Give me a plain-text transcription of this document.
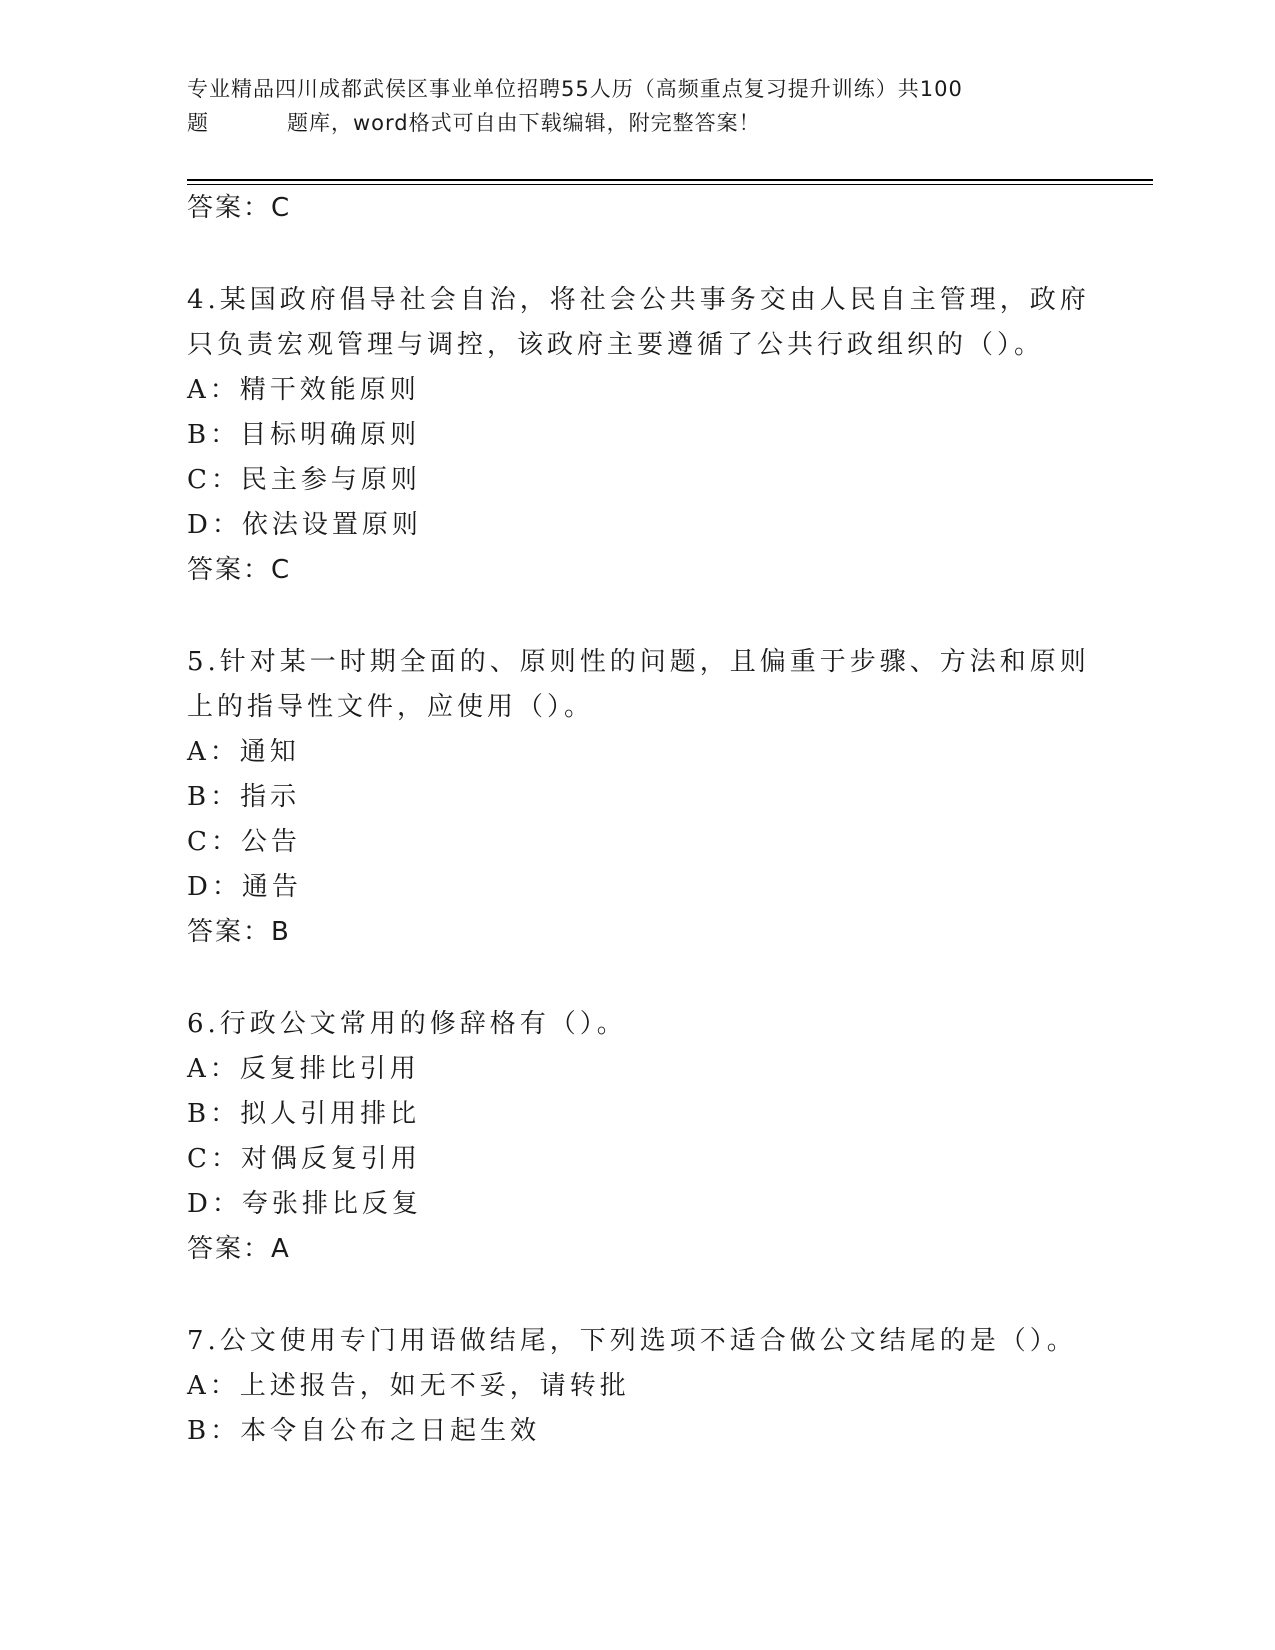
专业精品四川成都武侯区事业单位招聘55人历（高频重点复习提升训练）共100
题	题库，word格式可自由下载编辑，附完整答案！
答案：C
4.某国政府倡导社会自治，将社会公共事务交由人民自主管理，政府
只负责宏观管理与调控，该政府主要遵循了公共行政组织的（）。
A：精干效能原则
B：目标明确原则
C：民主参与原则
D：依法设置原则
答案：C
5.针对某一时期全面的、原则性的问题，且偏重于步骤、方法和原则
上的指导性文件，应使用（）。
A：通知
B：指示
C：公告
D：通告
答案：B
6.行政公文常用的修辞格有（）。
A：反复排比引用
B：拟人引用排比
C：对偶反复引用
D：夸张排比反复
答案：A
7.公文使用专门用语做结尾，下列选项不适合做公文结尾的是（）。
A：上述报告，如无不妥，请转批
B：本令自公布之日起生效
